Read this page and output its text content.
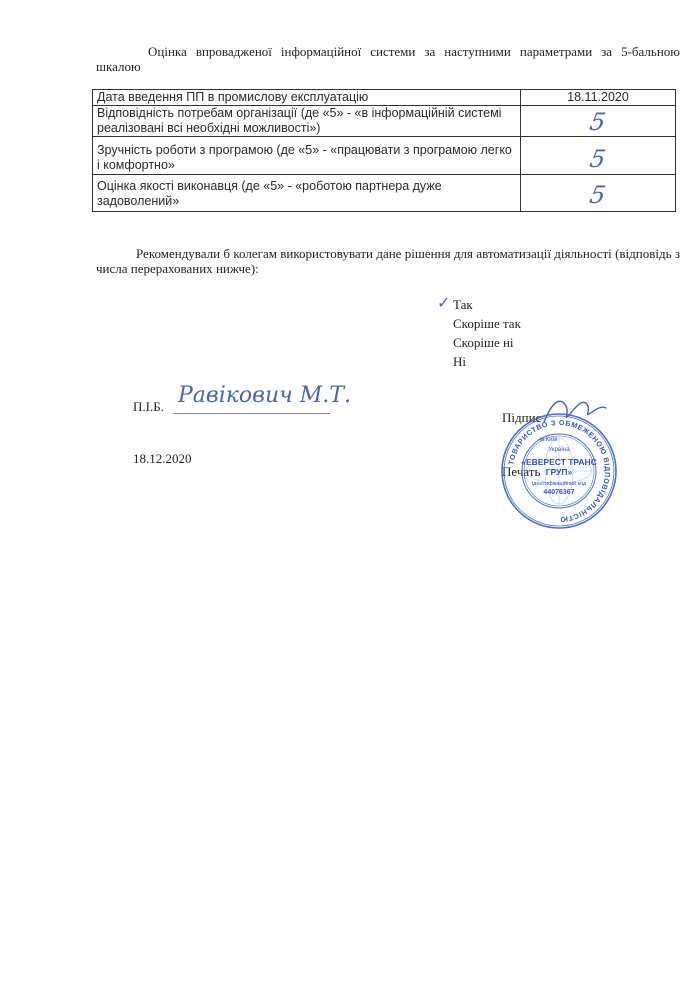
Оцінка впровадженої інформаційної системи за наступними параметрами за 5-бальною шкалою
Дата введення ПП в промислову експлуатацію	18.11.2020
Відповідність потребам організації (де «5» - «в інформаційній системі реалізовані всі необхідні можливості»)	5
Зручність роботи з програмою (де «5» - «працювати з програмою легко і комфортно»	5
Оцінка якості виконавця (де «5» - «роботою партнера дуже задоволений»	5
Рекомендували б колегам використовувати дане рішення для автоматизації діяльності (відповідь з числа перерахованих нижче):
✓ Так
Скоріше так
Скоріше ні
Ні
П.І.Б. Равікович М.Т.
18.12.2020
Підпис
Печать
ТОВАРИСТВО З ОБМЕЖЕНОЮ ВІДПОВІДАЛЬНІСТЮ
м.Київ
Україна
«ЕВЕРЕСТ ТРАНС
ГРУП»
Ідентифікаційний код
44076367
